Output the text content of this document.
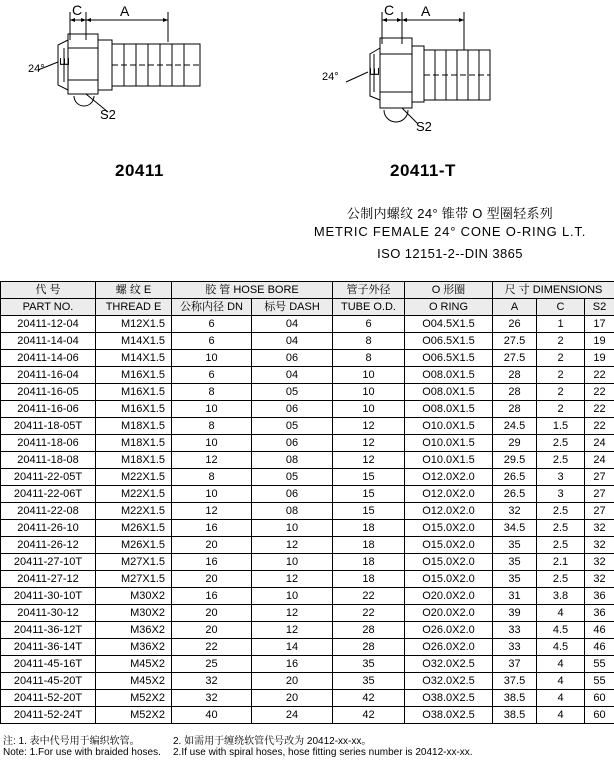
C	A
24°
E
S2
C A
24° E
S2
20411	20411-T
公制内螺纹 24° 锥带 O 型圈轻系列
METRIC FEMALE 24° CONE O-RING L.T.
ISO 12151-2--DIN 3865
代 号	螺 纹 E	胶 管 HOSE BORE		管子外径	O 形圈	尺 寸 DIMENSIONS		
PART NO.	THREAD E	公称内径 DN	标号 DASH	TUBE O.D.	O RING	A	C	S2
20411-12-04	M12X1.5	6	04	6	O04.5X1.5	26	1	17
20411-14-04	M14X1.5	6	04	8	O06.5X1.5	27.5	2	19
20411-14-06	M14X1.5	10	06	8	O06.5X1.5	27.5	2	19
20411-16-04	M16X1.5	6	04	10	O08.0X1.5	28	2	22
20411-16-05	M16X1.5	8	05	10	O08.0X1.5	28	2	22
20411-16-06	M16X1.5	10	06	10	O08.0X1.5	28	2	22
20411-18-05T	M18X1.5	8	05	12	O10.0X1.5	24.5	1.5	22
20411-18-06	M18X1.5	10	06	12	O10.0X1.5	29	2.5	24
20411-18-08	M18X1.5	12	08	12	O10.0X1.5	29.5	2.5	24
20411-22-05T	M22X1.5	8	05	15	O12.0X2.0	26.5	3	27
20411-22-06T	M22X1.5	10	06	15	O12.0X2.0	26.5	3	27
20411-22-08	M22X1.5	12	08	15	O12.0X2.0	32	2.5	27
20411-26-10	M26X1.5	16	10	18	O15.0X2.0	34.5	2.5	32
20411-26-12	M26X1.5	20	12	18	O15.0X2.0	35	2.5	32
20411-27-10T	M27X1.5	16	10	18	O15.0X2.0	35	2.1	32
20411-27-12	M27X1.5	20	12	18	O15.0X2.0	35	2.5	32
20411-30-10T	M30X2	16	10	22	O20.0X2.0	31	3.8	36
20411-30-12	M30X2	20	12	22	O20.0X2.0	39	4	36
20411-36-12T	M36X2	20	12	28	O26.0X2.0	33	4.5	46
20411-36-14T	M36X2	22	14	28	O26.0X2.0	33	4.5	46
20411-45-16T	M45X2	25	16	35	O32.0X2.5	37	4	55
20411-45-20T	M45X2	32	20	35	O32.0X2.5	37.5	4	55
20411-52-20T	M52X2	32	20	42	O38.0X2.5	38.5	4	60
20411-52-24T	M52X2	40	24	42	O38.0X2.5	38.5	4	60
注: 1. 表中代号用于编织软管。	2. 如需用于缠绕软管代号改为 20412-xx-xx。
Note: 1.For use with braided hoses. 2.If use with spiral hoses, hose fitting series number is 20412-xx-xx.
